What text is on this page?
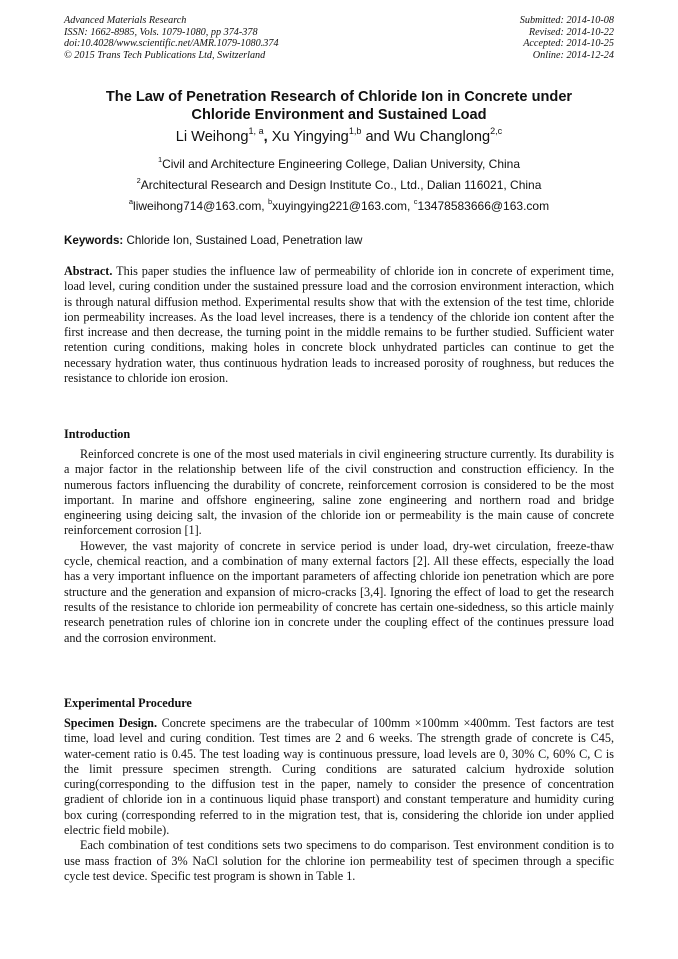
Advanced Materials Research
ISSN: 1662-8985, Vols. 1079-1080, pp 374-378
doi:10.4028/www.scientific.net/AMR.1079-1080.374
© 2015 Trans Tech Publications Ltd, Switzerland
Submitted: 2014-10-08
Revised: 2014-10-22
Accepted: 2014-10-25
Online: 2014-12-24
The Law of Penetration Research of Chloride Ion in Concrete under
Chloride Environment and Sustained Load
Li Weihong$^{1, a}$, Xu Yingying$^{1,b}$ and Wu Changlong$^{2,c}$
$^1$Civil and Architecture Engineering College, Dalian University, China
$^2$Architectural Research and Design Institute Co., Ltd., Dalian 116021, China
$^a$liweihong714@163.com, $^b$xuyingying221@163.com, $^c$13478583666@163.com
Keywords: Chloride Ion, Sustained Load, Penetration law

Abstract. This paper studies the influence law of permeability of chloride ion in concrete of experiment time, load level, curing condition under the sustained pressure load and the corrosion environment interaction, which is through natural diffusion method. Experimental results show that with the extension of the test time, chloride ion permeability increases. As the load level increases, there is a tendency of the chloride ion content after the first increase and then decrease, the turning point in the middle remains to be further studied. Sufficient water retention curing conditions, making holes in concrete block unhydrated particles can continue to get the necessary hydration water, thus continuous hydration leads to increased porosity of roughness, but reduces the resistance to chloride ion erosion.

Introduction

Reinforced concrete is one of the most used materials in civil engineering structure currently. Its durability is a major factor in the relationship between life of the civil construction and construction efficiency. In the numerous factors influencing the durability of concrete, reinforcement corrosion is considered to be the most important. In marine and offshore engineering, saline zone engineering and northern road and bridge engineering using deicing salt, the invasion of the chloride ion or permeability is the main cause of concrete reinforcement corrosion [1].

However, the vast majority of concrete in service period is under load, dry-wet circulation, freeze-thaw cycle, chemical reaction, and a combination of many external factors [2]. All these effects, especially the load has a very important influence on the important parameters of affecting chloride ion penetration which are pore structure and the generation and expansion of micro-cracks [3,4]. Ignoring the effect of load to get the research results of the resistance to chloride ion permeability of concrete has certain one-sidedness, so this article mainly research penetration rules of chlorine ion in concrete under the coupling effect of the continues pressure load and the corrosion environment.

Experimental Procedure

Specimen Design. Concrete specimens are the trabecular of 100mm ×100mm ×400mm. Test factors are test time, load level and curing condition. Test times are 2 and 6 weeks. The strength grade of concrete is C45, water-cement ratio is 0.45. The test loading way is continuous pressure, load levels are 0, 30% C, 60% C, C is the limit pressure specimen strength. Curing conditions are saturated calcium hydroxide solution curing(corresponding to the diffusion test in the paper, namely to consider the presence of concentration gradient of chloride ion in a continuous liquid phase transport) and constant temperature and humidity curing box curing (corresponding referred to in the migration test, that is, considering the chloride ion under applied electric field mobile).

Each combination of test conditions sets two specimens to do comparison. Test environment condition is to use mass fraction of 3% NaCl solution for the chlorine ion permeability test of specimen through a specific cycle test device. Specific test program is shown in Table 1.
